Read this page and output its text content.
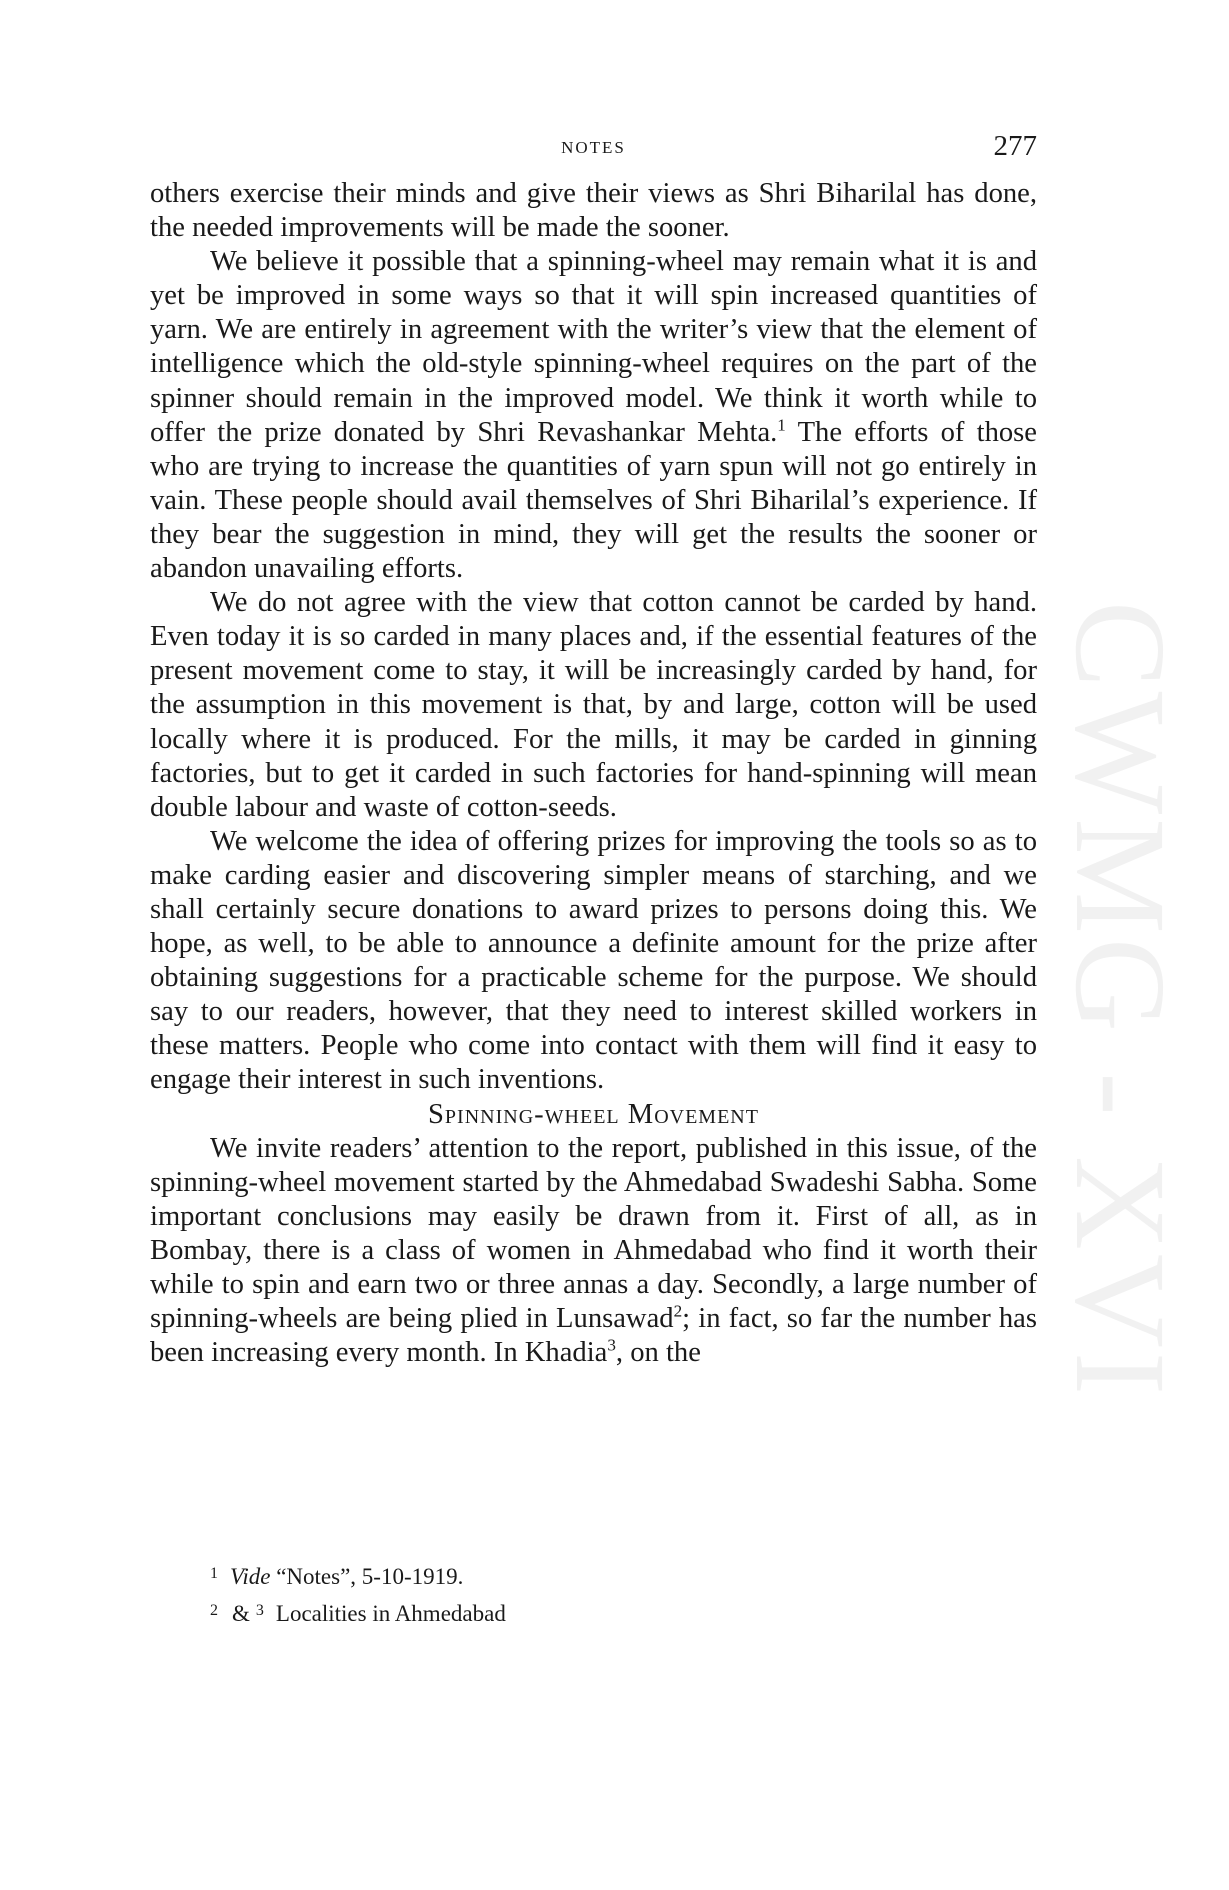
CWMG - XVI
NOTES	277

others exercise their minds and give their views as Shri Biharilal has done, the needed improvements will be made the sooner.

We believe it possible that a spinning-wheel may remain what it is and yet be improved in some ways so that it will spin increased quantities of yarn. We are entirely in agreement with the writer’s view that the element of intelligence which the old-style spinning-wheel requires on the part of the spinner should remain in the improved model. We think it worth while to offer the prize donated by Shri Revashankar Mehta.$^1$ The efforts of those who are trying to increase the quantities of yarn spun will not go entirely in vain. These people should avail themselves of Shri Biharilal’s experience. If they bear the suggestion in mind, they will get the results the sooner or abandon unavailing efforts.

We do not agree with the view that cotton cannot be carded by hand. Even today it is so carded in many places and, if the essential features of the present movement come to stay, it will be increasingly carded by hand, for the assumption in this movement is that, by and large, cotton will be used locally where it is produced. For the mills, it may be carded in ginning factories, but to get it carded in such factories for hand-spinning will mean double labour and waste of cotton-seeds.

We welcome the idea of offering prizes for improving the tools so as to make carding easier and discovering simpler means of starching, and we shall certainly secure donations to award prizes to persons doing this. We hope, as well, to be able to announce a definite amount for the prize after obtaining suggestions for a practicable scheme for the purpose. We should say to our readers, however, that they need to interest skilled workers in these matters. People who come into contact with them will find it easy to engage their interest in such inventions.

Spinning-wheel Movement

We invite readers’ attention to the report, published in this issue, of the spinning-wheel movement started by the Ahmedabad Swadeshi Sabha. Some important conclusions may easily be drawn from it. First of all, as in Bombay, there is a class of women in Ahmedabad who find it worth their while to spin and earn two or three annas a day. Secondly, a large number of spinning-wheels are being plied in Lunsawad$^2$; in fact, so far the number has been increasing every month. In Khadia$^3$, on the

1 Vide “Notes”, 5-10-1919.

2 & 3 Localities in Ahmedabad
